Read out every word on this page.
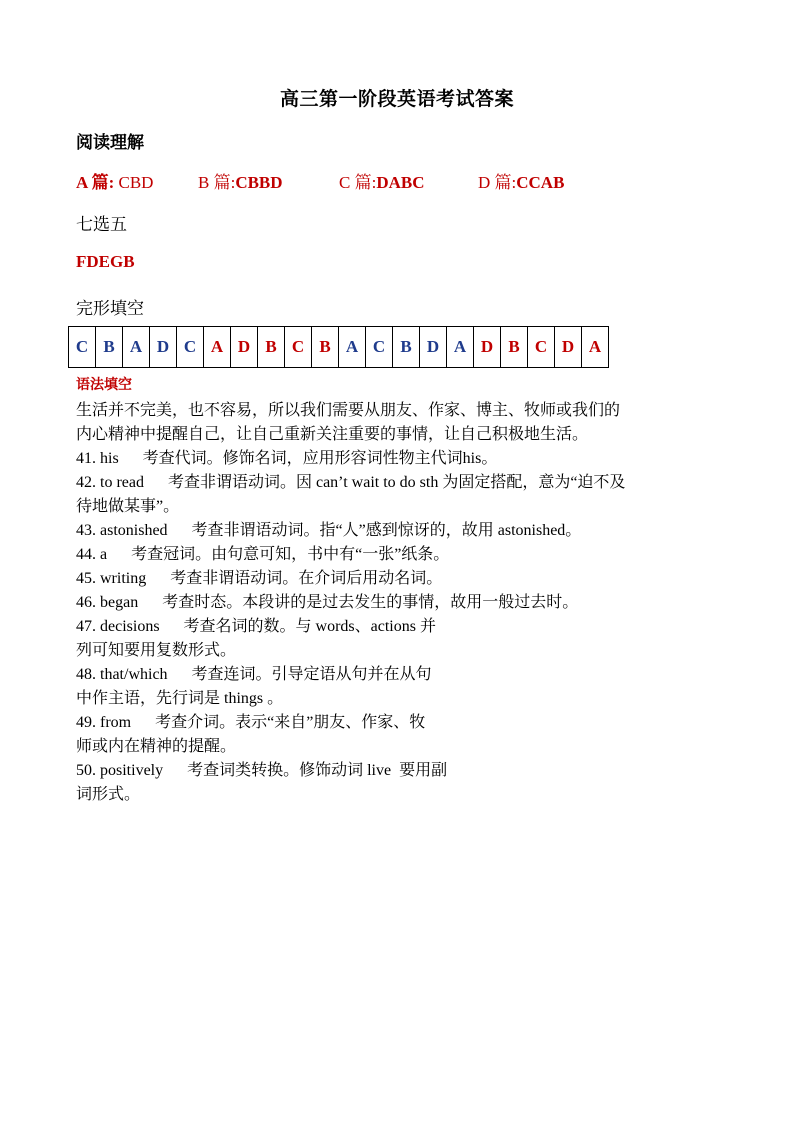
高三第一阶段英语考试答案
阅读理解
A 篇: CBD	B 篇:CBBD	C 篇:DABC	D 篇:CCAB
七选五
FDEGB
完形填空
C	B	A	D	C	A	D	B	C	B	A	C	B	D	A	D	B	C	D	A
语法填空

生活并不完美，也不容易，所以我们需要从朋友、作家、博主、牧师或我们的

内心精神中提醒自己，让自己重新关注重要的事情，让自己积极地生活。

41. his      考查代词。修饰名词，应用形容词性物主代词his。

42. to read      考查非谓语动词。因 can’t wait to do sth 为固定搭配，意为“迫不及

待地做某事”。

43. astonished      考查非谓语动词。指“人”感到惊讶的，故用 astonished。

44. a      考查冠词。由句意可知，书中有“一张”纸条。

45. writing      考查非谓语动词。在介词后用动名词。

46. began      考查时态。本段讲的是过去发生的事情，故用一般过去时。

47. decisions      考查名词的数。与 words、actions 并

列可知要用复数形式。

48. that/which      考查连词。引导定语从句并在从句

中作主语，先行词是 things 。

49. from      考查介词。表示“来自”朋友、作家、牧

师或内在精神的提醒。

50. positively      考查词类转换。修饰动词 live  要用副

词形式。
